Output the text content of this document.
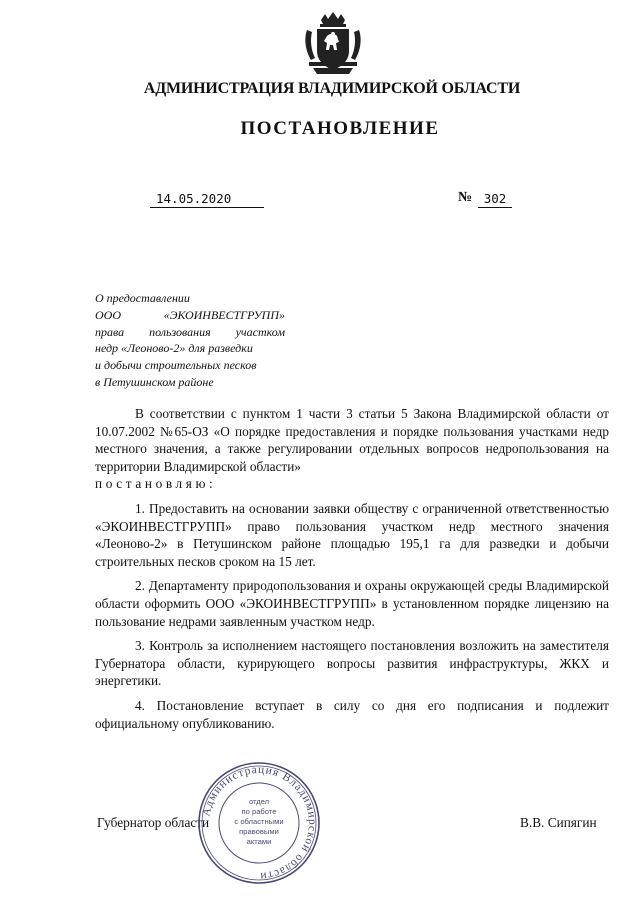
АДМИНИСТРАЦИЯ ВЛАДИМИРСКОЙ ОБЛАСТИ
ПОСТАНОВЛЕНИЕ
14.05.2020	№ 302
О предоставлении
ООО «ЭКОИНВЕСТГРУПП»
права пользования участком
недр «Леоново-2» для разведки
и добычи строительных песков
в Петушинском районе

В соответствии с пунктом 1 части 3 статьи 5 Закона Владимирской области от 10.07.2002 №65-ОЗ «О порядке предоставления и порядке пользования участками недр местного значения, а также регулировании отдельных вопросов недропользования на территории Владимирской области»

постановляю:

1. Предоставить на основании заявки обществу с ограниченной ответственностью «ЭКОИНВЕСТГРУПП» право пользования участком недр местного значения «Леоново-2» в Петушинском районе площадью 195,1 га для разведки и добычи строительных песков сроком на 15 лет.

2. Департаменту природопользования и охраны окружающей среды Владимирской области оформить ООО «ЭКОИНВЕСТГРУПП» в установленном порядке лицензию на пользование недрами заявленным участком недр.

3. Контроль за исполнением настоящего постановления возложить на заместителя Губернатора области, курирующего вопросы развития инфраструктуры, ЖКХ и энергетики.

4. Постановление вступает в силу со дня его подписания и подлежит официальному опубликованию.

Губернатор области	В.В. Сипягин
Администрация Владимирской области
отдел
по работе
с областными
правовыми
актами
